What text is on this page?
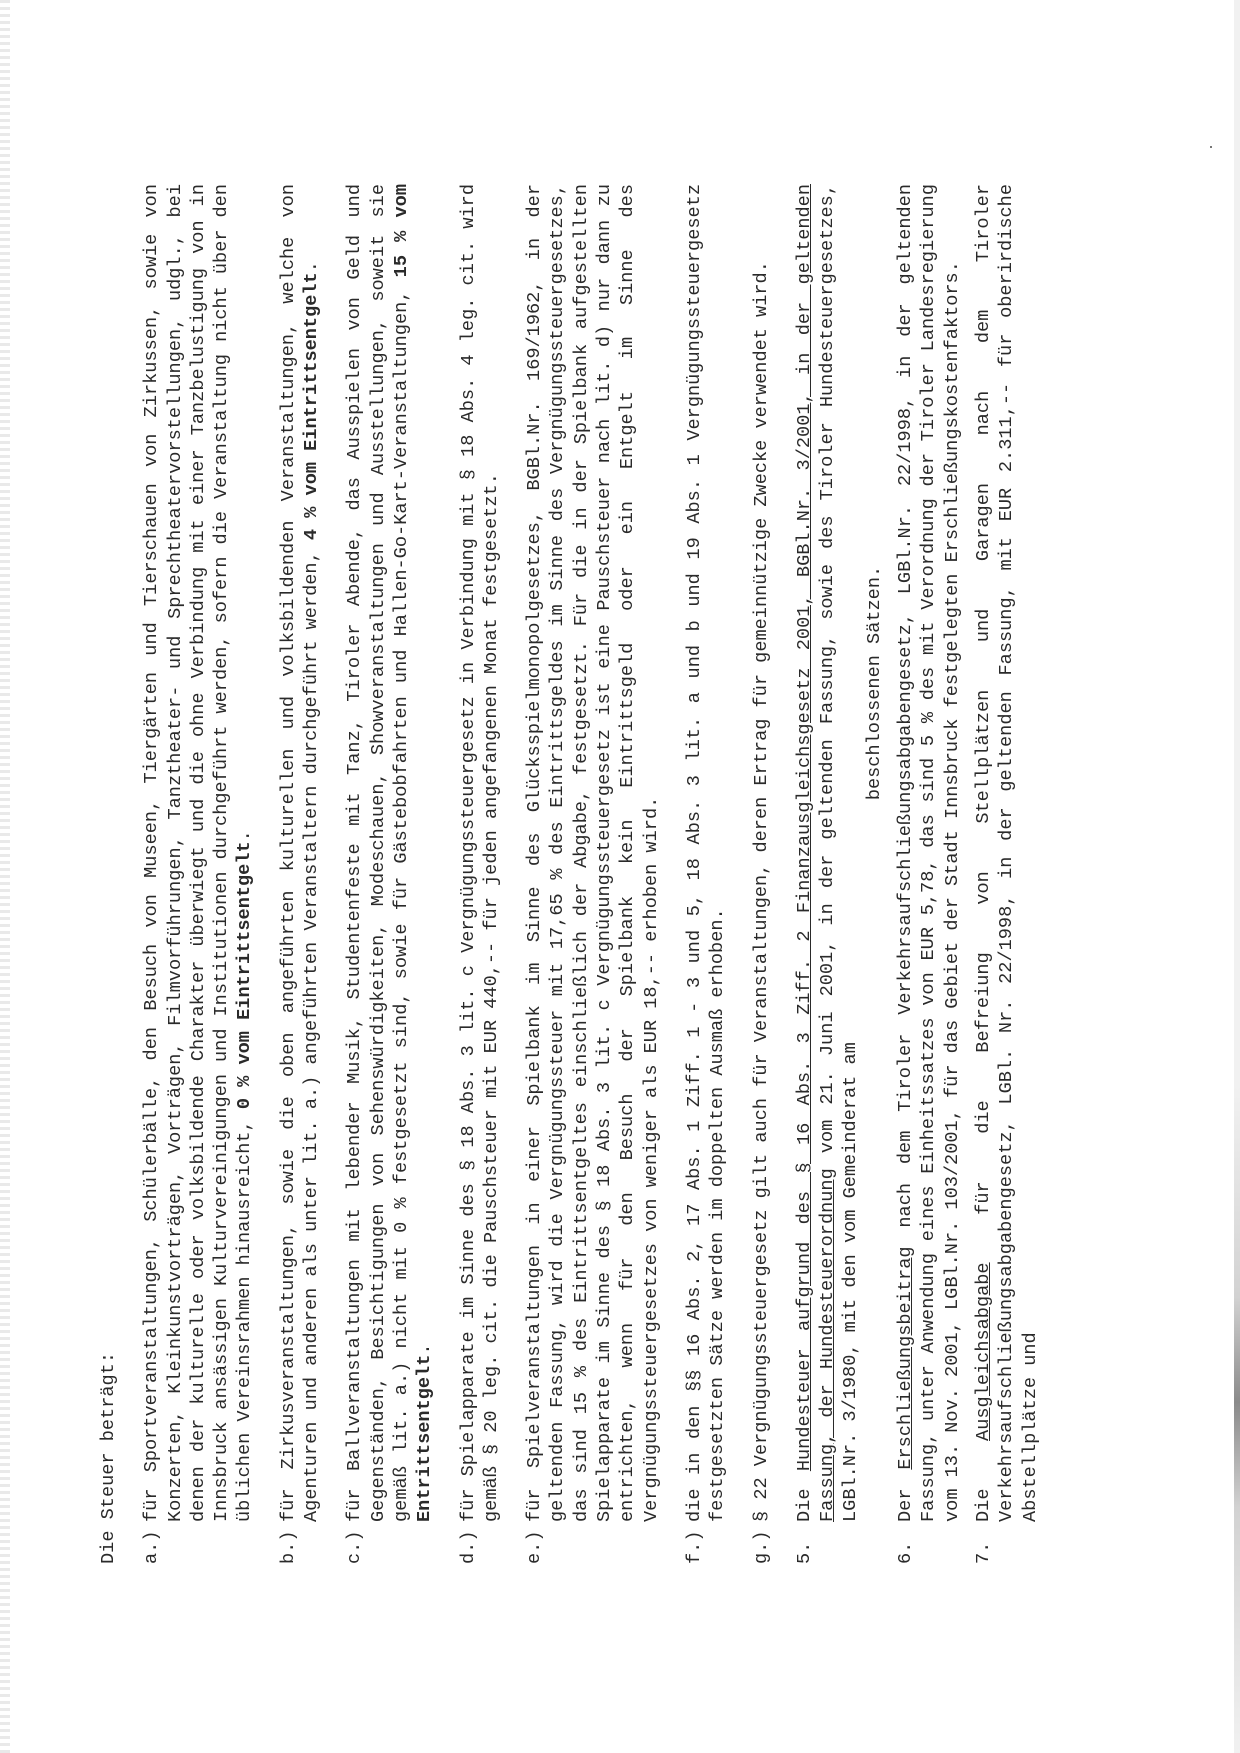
Die Steuer beträgt: a.)
für Sportveranstaltungen, Schülerbälle, den Besuch von Museen, Tiergärten und Tierschauen von Zirkussen, sowie von Konzerten, Kleinkunstvorträgen, Vorträgen, Filmvorführungen, Tanztheater- und Sprechtheatervorstellungen, udgl., bei denen der kulturelle oder volksbildende Charakter überwiegt und die ohne Verbindung mit einer Tanzbelustigung von in Innsbruck ansässigen Kulturvereinigungen und Institutionen durchgeführt werden, sofern die Veranstaltung nicht über den üblichen Vereinsrahmen hinausreicht, 0 % vom Eintrittsentgelt.
b.)
für Zirkusveranstaltungen, sowie die oben angeführten kulturellen und volksbildenden Veranstaltungen, welche von Agenturen und anderen als unter lit. a.) angeführten Veranstaltern durchgeführt werden, 4 % vom Eintrittsentgelt.
c.)
für Ballveranstaltungen mit lebender Musik, Studentenfeste mit Tanz, Tiroler Abende, das Ausspielen von Geld und Gegenständen, Besichtigungen von Sehenswürdigkeiten, Modeschauen, Showveranstaltungen und Ausstellungen, soweit sie gemäß lit. a.) nicht mit 0 % festgesetzt sind, sowie für Gästebobfahrten und Hallen-Go-Kart-Veranstaltungen, 15 % vom Entrittsentgelt.
d.)
für Spielapparate im Sinne des § 18 Abs. 3 lit. c Vergnügungssteuergesetz in Verbindung mit § 18 Abs. 4 leg. cit. wird gemäß § 20 leg. cit. die Pauschsteuer mit EUR 440,-- für jeden angefangenen Monat festgesetzt.
e.)
für Spielveranstaltungen in einer Spielbank im Sinne des Glücksspielmonopolgesetzes, BGBl.Nr. 169/1962, in der geltenden Fassung, wird die Vergnügungssteuer mit 17,65 % des Eintrittsgeldes im Sinne des Vergnügungssteuergesetzes, das sind 15 % des Eintrittsentgeltes einschließlich der Abgabe, festgesetzt. Für die in der Spielbank aufgestellten Spielapparate im Sinne des § 18 Abs. 3 lit. c Vergnügungssteuergesetz ist eine Pauschsteuer nach lit. d) nur dann zu entrichten, wenn für den Besuch der Spielbank kein Eintrittsgeld oder ein Entgelt im Sinne des Vergnügungssteuergesetzes von weniger als EUR 18,-- erhoben wird.
f.)
die in den §§ 16 Abs. 2, 17 Abs. 1 Ziff. 1 - 3 und 5, 18 Abs. 3 lit. a und b und 19 Abs. 1 Vergnügungssteuergesetz festgesetzten Sätze werden im doppelten Ausmaß erhoben.
g.)
§ 22 Vergnügungssteuergesetz gilt auch für Veranstaltungen, deren Ertrag für gemeinnützige Zwecke verwendet wird.
5.
Die Hundesteuer aufgrund des § 16 Abs. 3 Ziff. 2 Finanzausgleichsgesetz 2001, BGBl.Nr. 3/2001, in der geltenden Fassung, der Hundesteuerordnung vom 21. Juni 2001, in der geltenden Fassung, sowie des Tiroler Hundesteuergesetzes, LGBl.Nr. 3/1980, mit den vom Gemeinderat am
beschlossenen Sätzen.
6.
Der Erschließungsbeitrag nach dem Tiroler Verkehrsaufschließungsabgabengesetz, LGBl.Nr. 22/1998, in der geltenden Fassung, unter Anwendung eines Einheitssatzes von EUR 5,78, das sind 5 % des mit Verordnung der Tiroler Landesregierung vom 13. Nov. 2001, LGBl.Nr. 103/2001, für das Gebiet der Stadt Innsbruck festgelegten Erschließungskostenfaktors.
7.
Die Ausgleichsabgabe für die Befreiung von Stellplätzen und Garagen nach dem Tiroler Verkehrsaufschließungsabgabengesetz, LGBl. Nr. 22/1998, in der geltenden Fassung, mit EUR 2.311,-- für oberirdische Abstellplätze und
